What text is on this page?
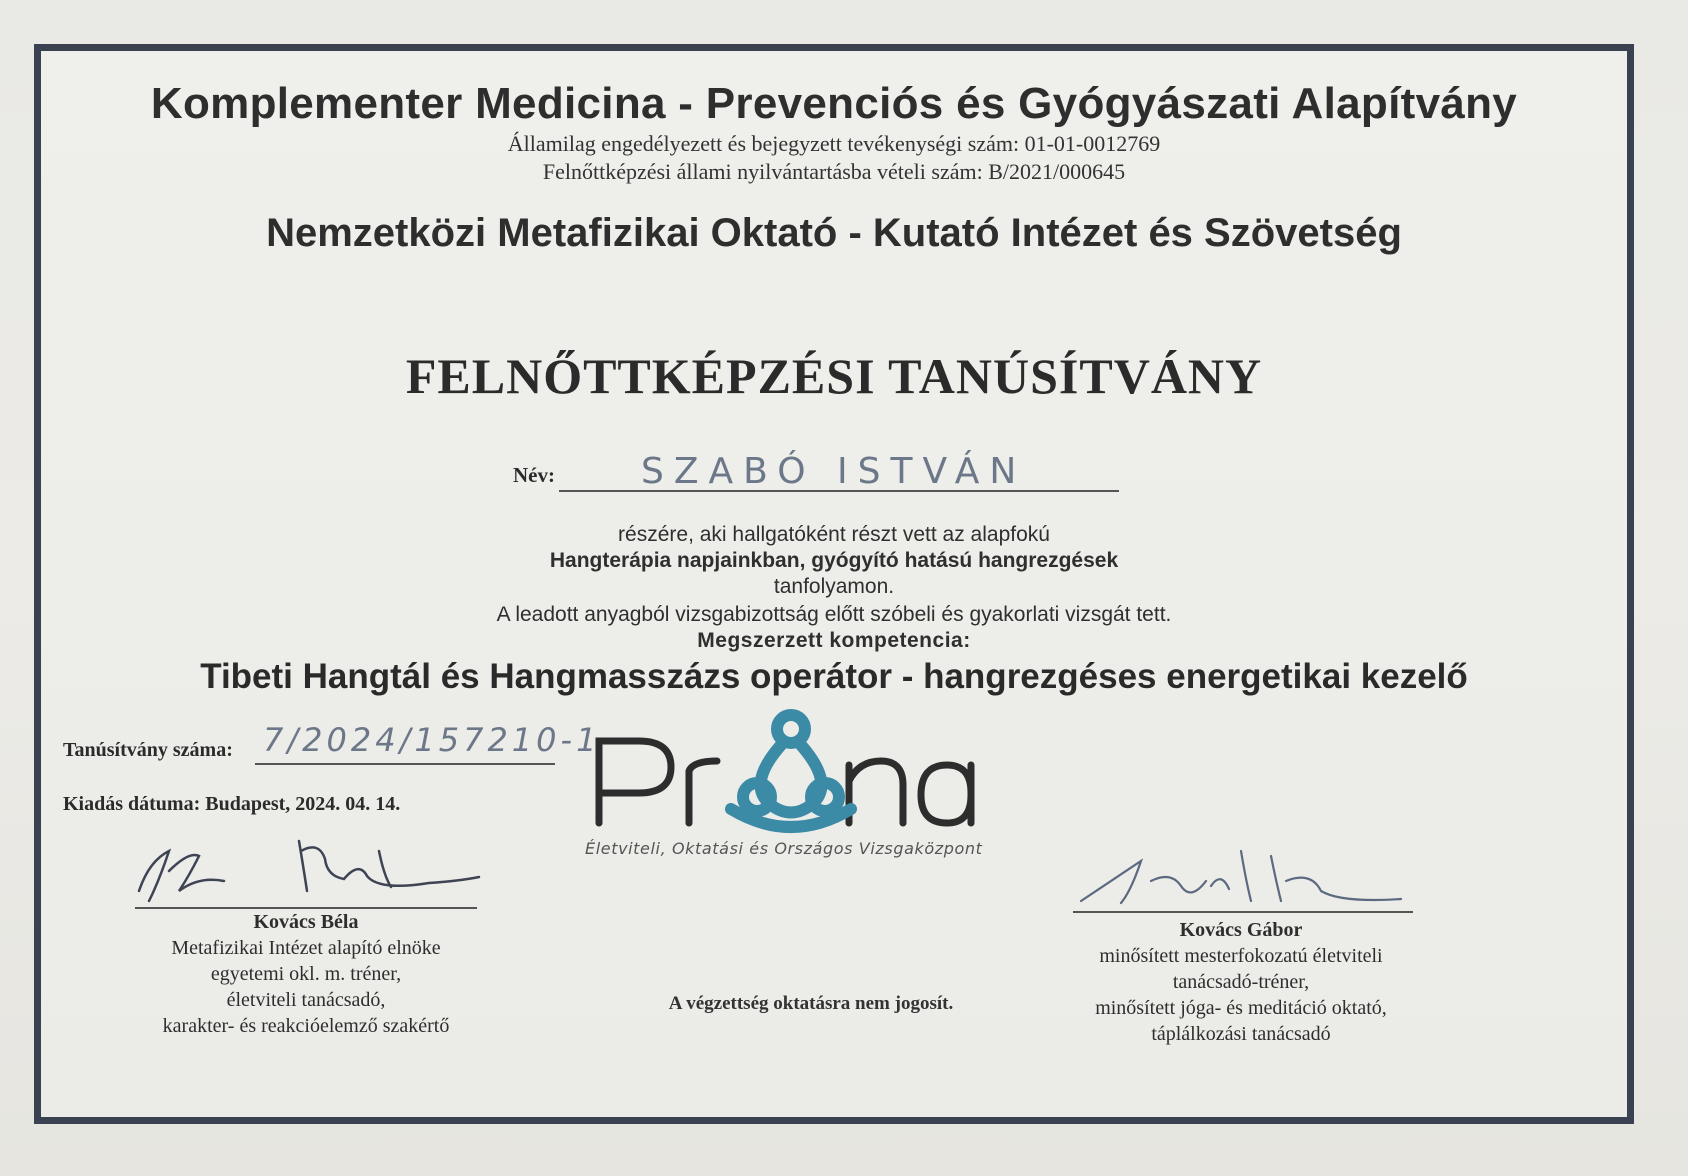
Komplementer Medicina - Prevenciós és Gyógyászati Alapítvány
Államilag engedélyezett és bejegyzett tevékenységi szám: 01-01-0012769
Felnőttképzési állami nyilvántartásba vételi szám: B/2021/000645
Nemzetközi Metafizikai Oktató - Kutató Intézet és Szövetség
FELNŐTTKÉPZÉSI TANÚSÍTVÁNY
Név: SZABÓ ISTVÁN
részére, aki hallgatóként részt vett az alapfokú
Hangterápia napjainkban, gyógyító hatású hangrezgések
tanfolyamon.
A leadott anyagból vizsgabizottság előtt szóbeli és gyakorlati vizsgát tett.
Megszerzett kompetencia:
Tibeti Hangtál és Hangmasszázs operátor - hangrezgéses energetikai kezelő
Tanúsítvány száma: 7/2024/157210-1
Kiadás dátuma: Budapest, 2024. 04. 14.
Életviteli, Oktatási és Országos Vizsgaközpont
Kovács Béla
Metafizikai Intézet alapító elnöke
egyetemi okl. m. tréner,
életviteli tanácsadó,
karakter- és reakcióelemző szakértő
A végzettség oktatásra nem jogosít.
Kovács Gábor
minősített mesterfokozatú életviteli
tanácsadó-tréner,
minősített jóga- és meditáció oktató,
táplálkozási tanácsadó
